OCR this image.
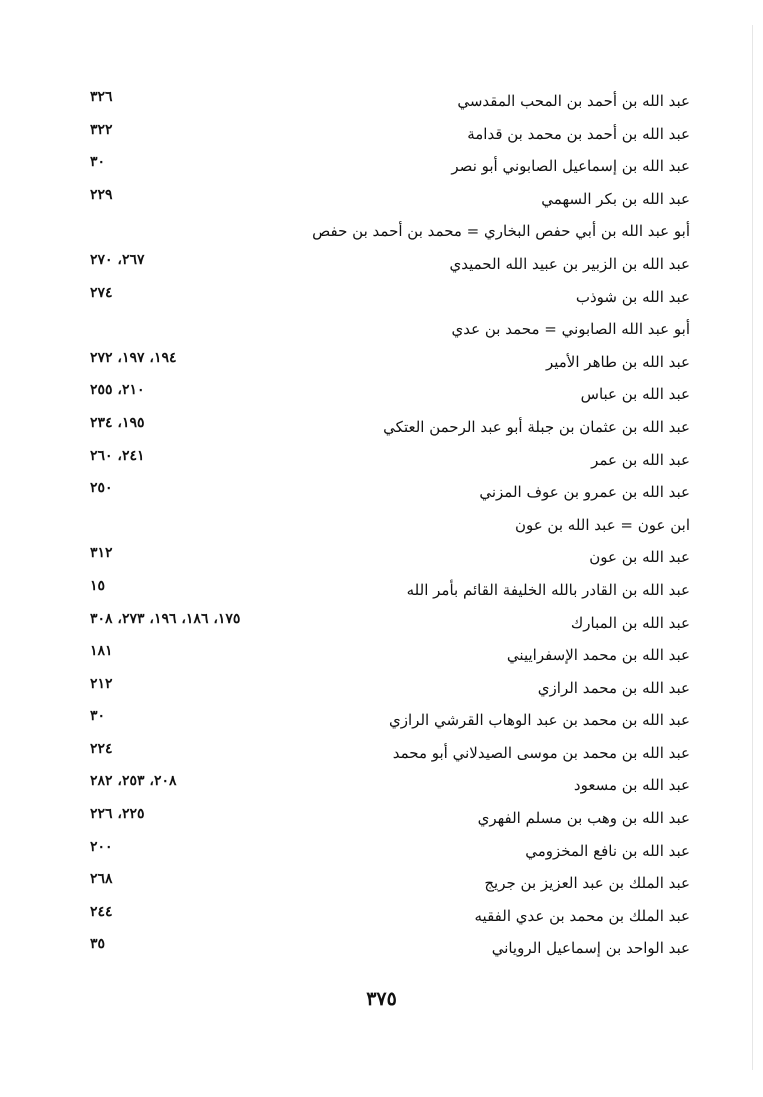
عبد الله بن أحمد بن المحب المقدسي
٣٢٦
عبد الله بن أحمد بن محمد بن قدامة
٣٢٢
عبد الله بن إسماعيل الصابوني أبو نصر
٣٠
عبد الله بن بكر السهمي
٢٢٩
أبو عبد الله بن أبي حفص البخاري = محمد بن أحمد بن حفص
عبد الله بن الزبير بن عبيد الله الحميدي
٢٦٧، ٢٧٠
عبد الله بن شوذب
٢٧٤
أبو عبد الله الصابوني = محمد بن عدي
عبد الله بن طاهر الأمير
١٩٤، ١٩٧، ٢٧٢
عبد الله بن عباس
٢١٠، ٢٥٥
عبد الله بن عثمان بن جبلة أبو عبد الرحمن العتكي
١٩٥، ٢٣٤
عبد الله بن عمر
٢٤١، ٢٦٠
عبد الله بن عمرو بن عوف المزني
٢٥٠
ابن عون = عبد الله بن عون
عبد الله بن عون
٣١٢
عبد الله بن القادر بالله الخليفة القائم بأمر الله
١٥
عبد الله بن المبارك
١٧٥، ١٨٦، ١٩٦، ٢٧٣، ٣٠٨
عبد الله بن محمد الإسفراييني
١٨١
عبد الله بن محمد الرازي
٢١٢
عبد الله بن محمد بن عبد الوهاب القرشي الرازي
٣٠
عبد الله بن محمد بن موسى الصيدلاني أبو محمد
٢٢٤
عبد الله بن مسعود
٢٠٨، ٢٥٣، ٢٨٢
عبد الله بن وهب بن مسلم الفهري
٢٢٥، ٢٢٦
عبد الله بن نافع المخزومي
٢٠٠
عبد الملك بن عبد العزيز بن جريج
٢٦٨
عبد الملك بن محمد بن عدي الفقيه
٢٤٤
عبد الواحد بن إسماعيل الروياني
٣٥
٣٧٥
